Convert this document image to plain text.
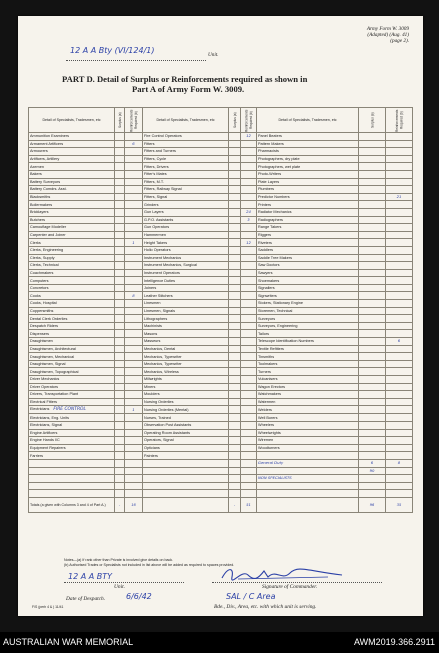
Army Form W. 3009
(Adapted) (Aug. 41)
(page 2).
12 A A Bty (VI/124/1)	Unit.
PART D. Detail of Surplus or Reinforcements required as shown in
Part A of Army Form W. 3009.
Detail of Specialists, Tradesmen, etc	Surplus (a)	Reinforcements Required (b)	Detail of Specialists, Tradesmen, etc	Surplus (a)	Reinforcements Required (b)	Detail of Specialists, Tradesmen, etc	Surplus (a)	Reinforcements Required (b)
Ammunition Examiners			Fire Control Operators		12	Panel Beaters		
Armament Artificers		6	Fitters			Pattern Makers		
Armourers			Fitters and Turners			Pharmacists		
Artificers, Artillery			Fitters, Cycle			Photographers, dry plate		
Axemen			Fitters, Drivers			Photographers, wet plate		
Bakers			Fitter's Mates			Photo-Writers		
Battery Surveyors			Fitters, M.T.			Plate Layers		
Battery Comdrs. Asst.			Fitters, Railway Signal			Plumbers		
Blacksmiths			Fitters, Signal			Predictor Numbers		21
Boilermakers			Grinders			Printers		
Bricklayers			Gun Layers		24	Radiator Mechanics		
Butchers			G.P.O. Assistants		3	Radiographers		
Camouflage Modeller			Gun Operators			Range Takers		
Carpenter and Joiner			Hammermen			Riggers		
Clerks		1	Height Takers		12	Riveters		
Clerks, Engineering			Hollo Operators			Saddlers		
Clerks, Supply			Instrument Mechanics			Saddle Tree Makers		
Clerks, Technical			Instrument Mechanics, Surgical			Saw Doctors		
Coachmakers			Instrument Operators			Sawyers		
Computers			Intelligence Duties			Shoemakers		
Concretors			Joiners			Signallers		
Cooks		8	Leather Stitchers			Signwriters		
Cooks, Hospital			Linesmen			Stokers, Stationary Engine		
Coppersmiths			Linesmen, Signals			Storemen, Technical		
Dental Clerk Orderlies			Lithographers			Surveyors		
Despatch Riders			Machinists			Surveyors, Engineering		
Dispensers			Masons			Tailors		
Draughtsmen			Masseurs			Telescope Identification Numbers		6
Draughtsmen, Architectural			Mechanics, Dental			Textile Refitters		
Draughtsmen, Mechanical			Mechanics, Typewriter			Tinsmiths		
Draughtsmen, Signal			Mechanics, Typewriter			Toolmakers		
Draughtsmen, Topographical			Mechanics, Wireless			Turners		
Driver Mechanics			Millwrights			Vulcanisers		
Driver Operators			Miners			Wagon Erectors		
Drivers, Transportation Plant			Moulders			Watchmakers		
Electrical Fitters			Nursing Orderlies			Watermen		
Electricians FIRE CONTROL		1	Nursing Orderlies (Mental)			Welders		
Electricians, Eng. Units			Nurses, Trained			Well Borers		
Electricians, Signal			Observation Post Assistants			Wheelers		
Engine Artificers			Operating Room Assistants			Wheelwrights		
Engine Hands I/C			Operators, Signal			Wiremen		
Equipment Repairers			Opticians			Woodturners		
Farriers			Painters					
						General Duty	6	8
							90	
						NON SPECIALISTS		

Totals (a given with Columns 3 and 4 of Part A.)	-	16		-	51		96	35
Notes—(a) If rank other than Private is involved give details on back.
(b) Authorised Trades or Specialists not included in list above will be added as required to spaces provided.
12 A A BTY
Unit.	Signature of Commander.
Date of Despatch.	6/6/42	SAL / C Area
Bde., Div., Area, etc. with which unit is serving.
F/S (perh 4 & ) 11/41
AUSTRALIAN WAR MEMORIAL	AWM2019.366.2911
